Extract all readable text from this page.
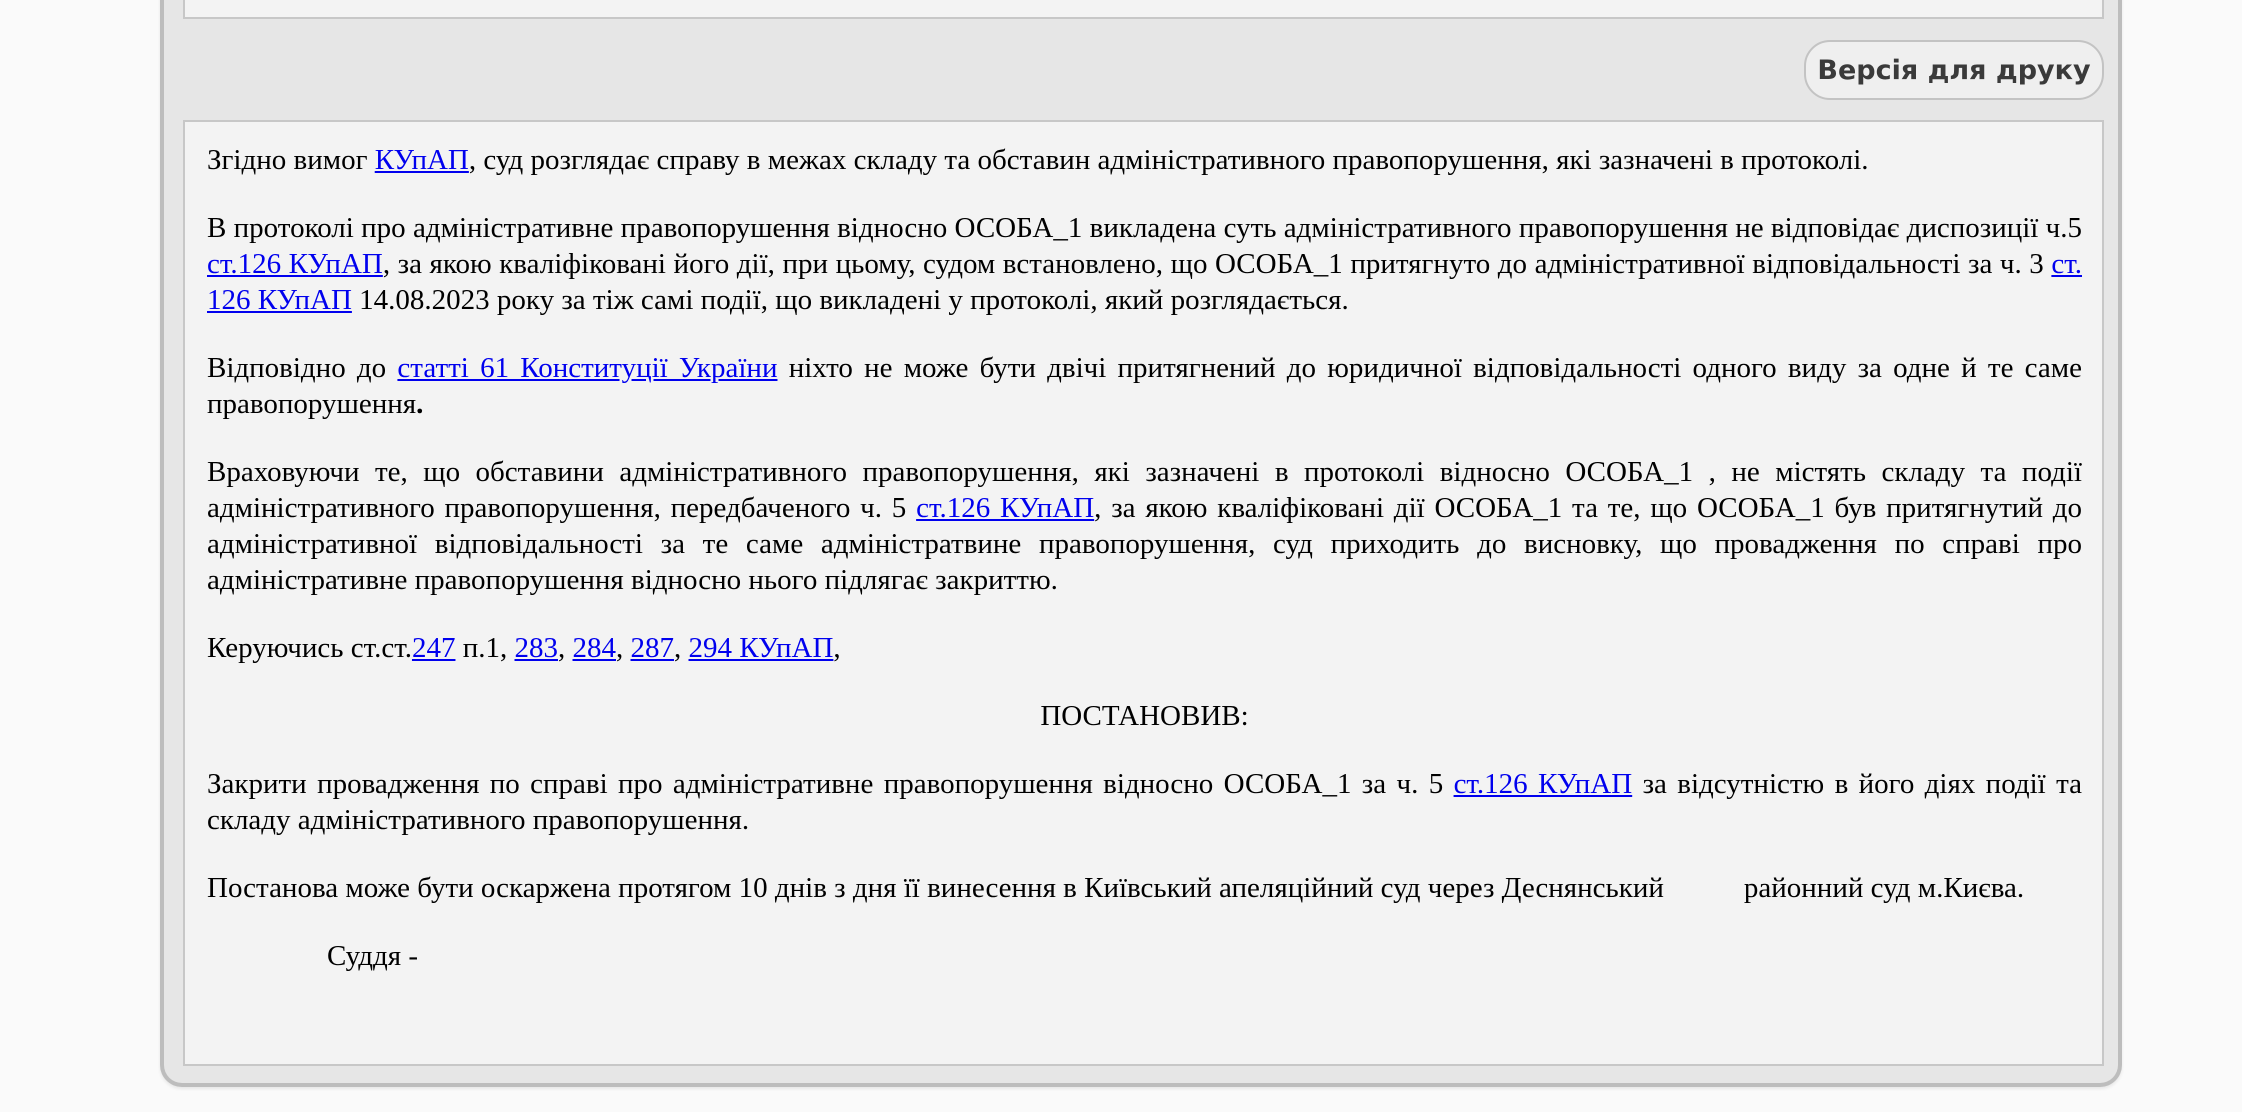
Версія для друку

Згідно вимог КУпАП, суд розглядає справу в межах складу та обставин адміністративного правопорушення, які зазначені в протоколі.

В протоколі про адміністративне правопорушення відносно ОСОБА_1 викладена суть адміністративного правопорушення не відповідає диспозиції ч.5 ст.126 КУпАП, за якою кваліфіковані його дії, при цьому, судом встановлено, що ОСОБА_1 притягнуто до адміністративної відповідальності за ч. 3 ст. 126 КУпАП 14.08.2023 року за тіж самі події, що викладені у протоколі, який розглядається.

Відповідно до статті 61 Конституції України ніхто не може бути двічі притягнений до юридичної відповідальності одного виду за одне й те саме правопорушення.

Враховуючи те, що обставини адміністративного правопорушення, які зазначені в протоколі відносно ОСОБА_1 , не містять складу та події адміністративного правопорушення, передбаченого ч. 5 ст.126 КУпАП, за якою кваліфіковані дії ОСОБА_1 та те, що ОСОБА_1 був притягнутий до адміністративної відповідальності за те саме адміністратвине правопорушення, суд приходить до висновку, що провадження по справі про адміністративне правопорушення відносно нього підлягає закриттю.

Керуючись ст.ст.247 п.1, 283, 284, 287, 294 КУпАП,

ПОСТАНОВИВ:

Закрити провадження по справі про адміністративне правопорушення відносно ОСОБА_1 за ч. 5 ст.126 КУпАП за відсутністю в його діях події та складу адміністративного правопорушення.

Постанова може бути оскаржена протягом 10 днів з дня її винесення в Київський апеляційний суд через Деснянський	районний суд м.Києва.

Суддя -
